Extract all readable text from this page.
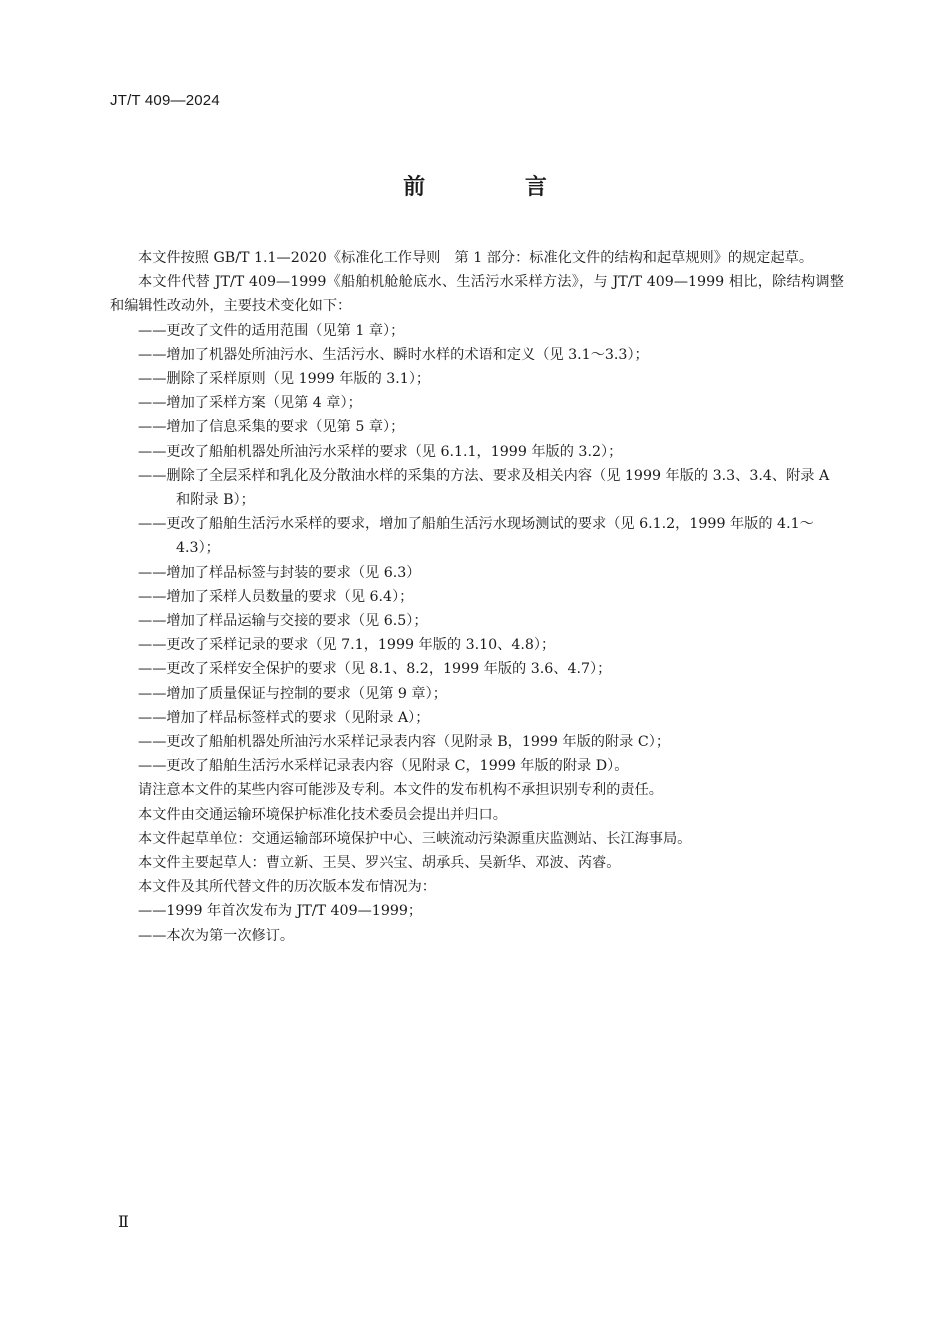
JT/T 409—2024
前 言

本文件按照 GB/T 1.1—2020《标准化工作导则　第 1 部分：标准化文件的结构和起草规则》的规定起草。

本文件代替 JT/T 409—1999《船舶机舱舱底水、生活污水采样方法》，与 JT/T 409—1999 相比，除结构调整和编辑性改动外，主要技术变化如下：

——更改了文件的适用范围（见第 1 章）；

——增加了机器处所油污水、生活污水、瞬时水样的术语和定义（见 3.1～3.3）；

——删除了采样原则（见 1999 年版的 3.1）；

——增加了采样方案（见第 4 章）；

——增加了信息采集的要求（见第 5 章）；

——更改了船舶机器处所油污水采样的要求（见 6.1.1，1999 年版的 3.2）；

——删除了全层采样和乳化及分散油水样的采集的方法、要求及相关内容（见 1999 年版的 3.3、3.4、附录 A 和附录 B）；

——更改了船舶生活污水采样的要求，增加了船舶生活污水现场测试的要求（见 6.1.2，1999 年版的 4.1～4.3）；

——增加了样品标签与封装的要求（见 6.3）

——增加了采样人员数量的要求（见 6.4）；

——增加了样品运输与交接的要求（见 6.5）；

——更改了采样记录的要求（见 7.1，1999 年版的 3.10、4.8）；

——更改了采样安全保护的要求（见 8.1、8.2，1999 年版的 3.6、4.7）；

——增加了质量保证与控制的要求（见第 9 章）；

——增加了样品标签样式的要求（见附录 A）；

——更改了船舶机器处所油污水采样记录表内容（见附录 B，1999 年版的附录 C）；

——更改了船舶生活污水采样记录表内容（见附录 C，1999 年版的附录 D）。

请注意本文件的某些内容可能涉及专利。本文件的发布机构不承担识别专利的责任。

本文件由交通运输环境保护标准化技术委员会提出并归口。

本文件起草单位：交通运输部环境保护中心、三峡流动污染源重庆监测站、长江海事局。

本文件主要起草人：曹立新、王昊、罗兴宝、胡承兵、吴新华、邓波、芮睿。

本文件及其所代替文件的历次版本发布情况为：

——1999 年首次发布为 JT/T 409—1999；

——本次为第一次修订。

Ⅱ
